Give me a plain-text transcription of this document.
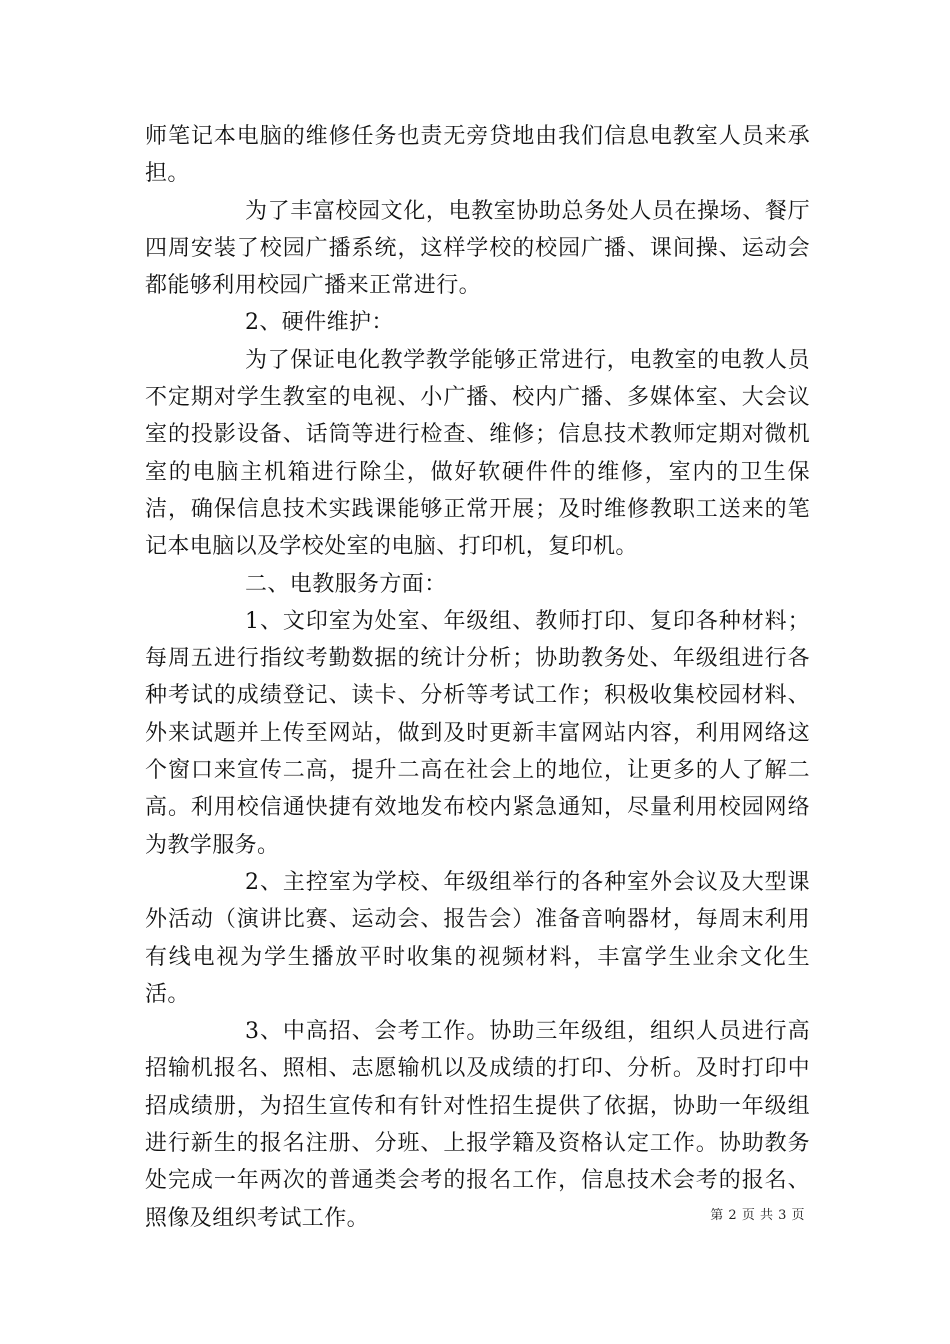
师笔记本电脑的维修任务也责无旁贷地由我们信息电教室人员来承担。

为了丰富校园文化，电教室协助总务处人员在操场、餐厅四周安装了校园广播系统，这样学校的校园广播、课间操、运动会都能够利用校园广播来正常进行。

2、硬件维护：

为了保证电化教学教学能够正常进行，电教室的电教人员不定期对学生教室的电视、小广播、校内广播、多媒体室、大会议室的投影设备、话筒等进行检查、维修；信息技术教师定期对微机室的电脑主机箱进行除尘，做好软硬件件的维修，室内的卫生保洁，确保信息技术实践课能够正常开展；及时维修教职工送来的笔记本电脑以及学校处室的电脑、打印机，复印机。

二、电教服务方面：

1、文印室为处室、年级组、教师打印、复印各种材料；每周五进行指纹考勤数据的统计分析；协助教务处、年级组进行各种考试的成绩登记、读卡、分析等考试工作；积极收集校园材料、外来试题并上传至网站，做到及时更新丰富网站内容，利用网络这个窗口来宣传二高，提升二高在社会上的地位，让更多的人了解二高。利用校信通快捷有效地发布校内紧急通知，尽量利用校园网络为教学服务。

2、主控室为学校、年级组举行的各种室外会议及大型课外活动（演讲比赛、运动会、报告会）准备音响器材，每周末利用有线电视为学生播放平时收集的视频材料，丰富学生业余文化生活。

3、中高招、会考工作。协助三年级组，组织人员进行高招输机报名、照相、志愿输机以及成绩的打印、分析。及时打印中招成绩册，为招生宣传和有针对性招生提供了依据，协助一年级组进行新生的报名注册、分班、上报学籍及资格认定工作。协助教务处完成一年两次的普通类会考的报名工作，信息技术会考的报名、照像及组织考试工作。	第 2 页 共 3 页
